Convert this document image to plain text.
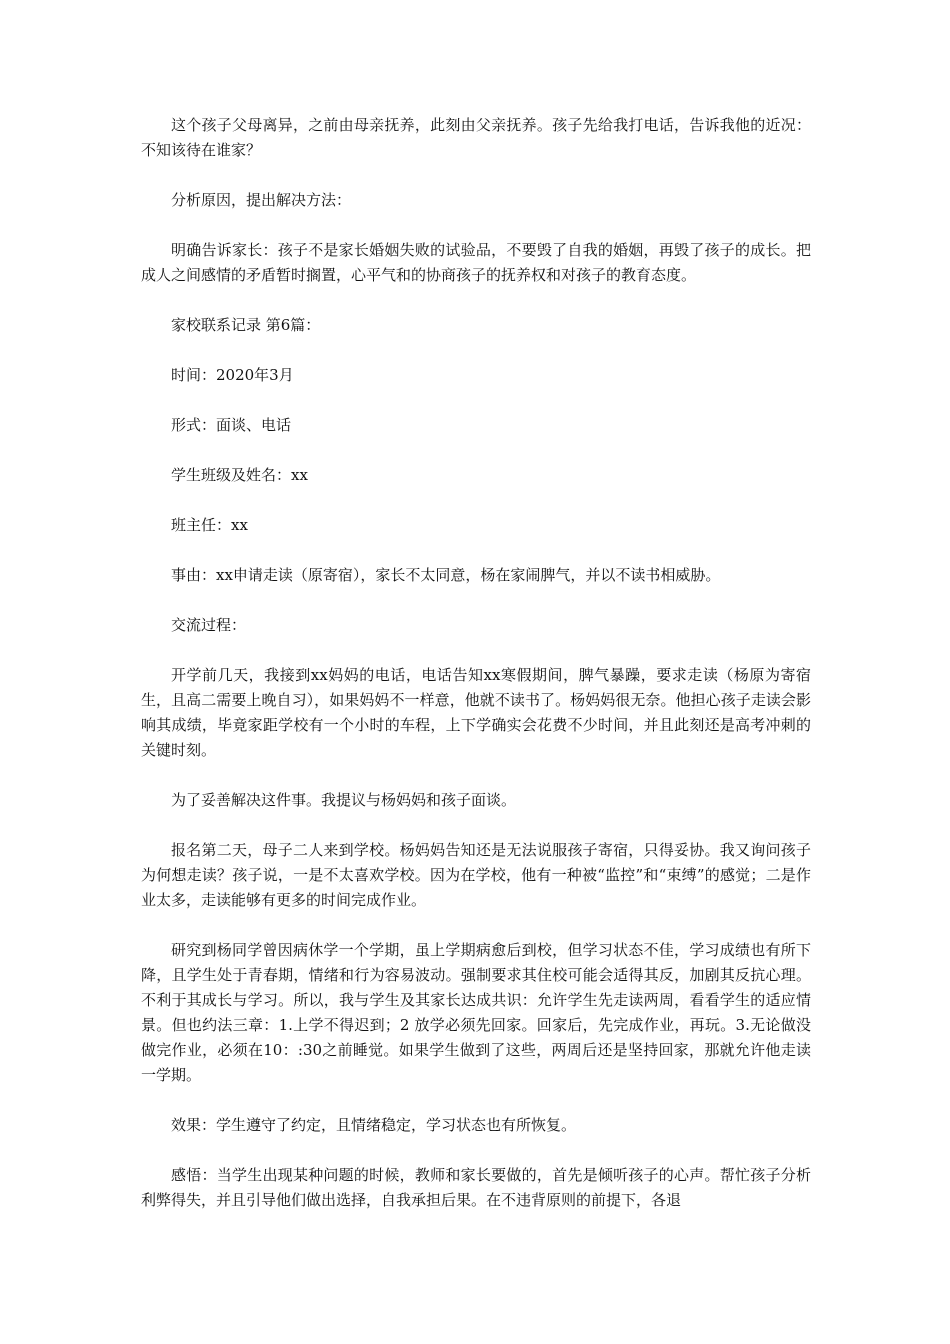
这个孩子父母离异，之前由母亲抚养，此刻由父亲抚养。孩子先给我打电话，告诉我他的近况：不知该待在谁家？

分析原因，提出解决方法：

明确告诉家长：孩子不是家长婚姻失败的试验品，不要毁了自我的婚姻，再毁了孩子的成长。把成人之间感情的矛盾暂时搁置，心平气和的协商孩子的抚养权和对孩子的教育态度。

家校联系记录 第6篇：

时间：2020年3月

形式：面谈、电话

学生班级及姓名：xx

班主任：xx

事由：xx申请走读（原寄宿），家长不太同意，杨在家闹脾气，并以不读书相威胁。

交流过程：

开学前几天，我接到xx妈妈的电话，电话告知xx寒假期间，脾气暴躁，要求走读（杨原为寄宿生，且高二需要上晚自习），如果妈妈不一样意，他就不读书了。杨妈妈很无奈。他担心孩子走读会影响其成绩，毕竟家距学校有一个小时的车程，上下学确实会花费不少时间，并且此刻还是高考冲刺的关键时刻。

为了妥善解决这件事。我提议与杨妈妈和孩子面谈。

报名第二天，母子二人来到学校。杨妈妈告知还是无法说服孩子寄宿，只得妥协。我又询问孩子为何想走读？孩子说，一是不太喜欢学校。因为在学校，他有一种被“监控”和“束缚”的感觉；二是作业太多，走读能够有更多的时间完成作业。

研究到杨同学曾因病休学一个学期，虽上学期病愈后到校，但学习状态不佳，学习成绩也有所下降，且学生处于青春期，情绪和行为容易波动。强制要求其住校可能会适得其反，加剧其反抗心理。不利于其成长与学习。所以，我与学生及其家长达成共识：允许学生先走读两周，看看学生的适应情景。但也约法三章：1.上学不得迟到；2 放学必须先回家。回家后，先完成作业，再玩。3.无论做没做完作业，必须在10：:30之前睡觉。如果学生做到了这些，两周后还是坚持回家，那就允许他走读一学期。

效果：学生遵守了约定，且情绪稳定，学习状态也有所恢复。

感悟：当学生出现某种问题的时候，教师和家长要做的，首先是倾听孩子的心声。帮忙孩子分析利弊得失，并且引导他们做出选择，自我承担后果。在不违背原则的前提下，各退
